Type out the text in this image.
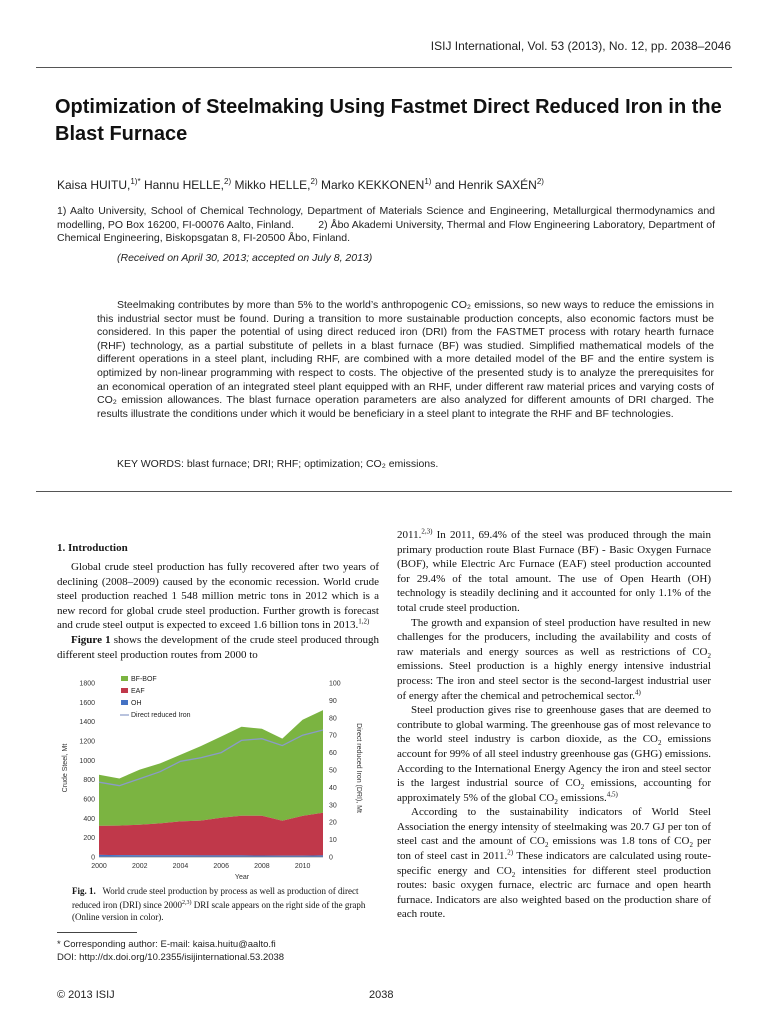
ISIJ International, Vol. 53 (2013), No. 12, pp. 2038–2046
Optimization of Steelmaking Using Fastmet Direct Reduced Iron in the Blast Furnace
Kaisa HUITU,$^{1)*}$ Hannu HELLE,$^{2)}$ Mikko HELLE,$^{2)}$ Marko KEKKONEN$^{1)}$ and Henrik SAXÉN$^{2)}$
1) Aalto University, School of Chemical Technology, Department of Materials Science and Engineering, Metallurgical thermodynamics and modelling, PO Box 16200, FI-00076 Aalto, Finland.        2) Åbo Akademi University, Thermal and Flow Engineering Laboratory, Department of Chemical Engineering, Biskopsgatan 8, FI-20500 Åbo, Finland.
(Received on April 30, 2013; accepted on July 8, 2013)
Steelmaking contributes by more than 5% to the world’s anthropogenic CO₂ emissions, so new ways to reduce the emissions in this industrial sector must be found. During a transition to more sustainable production concepts, also economic factors must be considered. In this paper the potential of using direct reduced iron (DRI) from the FASTMET process with rotary hearth furnace (RHF) technology, as a partial substitute of pellets in a blast furnace (BF) was studied. Simplified mathematical models of the different operations in a steel plant, including RHF, are combined with a more detailed model of the BF and the entire system is optimized by non-linear programming with respect to costs. The objective of the presented study is to analyze the prerequisites for an economical operation of an integrated steel plant equipped with an RHF, under different raw material prices and varying costs of CO₂ emission allowances. The blast furnace operation parameters are also analyzed for different amounts of DRI charged. The results illustrate the conditions under which it would be beneficiary in a steel plant to integrate the RHF and BF technologies.
KEY WORDS: blast furnace; DRI; RHF; optimization; CO₂ emissions.
1. Introduction

Global crude steel production has fully recovered after two years of declining (2008–2009) caused by the economic recession. World crude steel production reached 1 548 million metric tons in 2012 which is a new record for global crude steel production. Further growth is forecast and crude steel output is expected to exceed 1.6 billion tons in 2013.$^{1,2)}$

Figure 1 shows the development of the crude steel produced through different steel production routes from 2000 to

0
200
400
600
800
1000
1200
1400
1600
1800
0
10
20
30
40
50
60
70
80
90
100
2000	2002	2004	2006	2008	2010
Crude Steel, Mt	Direct reduced Iron (DRI), Mt
Year
BF-BOF
EAF
OH
Direct reduced Iron
Fig. 1. World crude steel production by process as well as production of direct reduced iron (DRI) since 2000$^{2,3)}$ DRI scale appears on the right side of the graph (Online version in color).

2011.$^{2,3)}$ In 2011, 69.4% of the steel was produced through the main primary production route Blast Furnace (BF) - Basic Oxygen Furnace (BOF), while Electric Arc Furnace (EAF) steel production accounted for 29.4% of the total amount. The use of Open Hearth (OH) technology is steadily declining and it accounted for only 1.1% of the total crude steel production.

The growth and expansion of steel production have resulted in new challenges for the producers, including the availability and costs of raw materials and energy sources as well as restrictions of $CO_2$ emissions. Steel production is a highly energy intensive industrial process: The iron and steel sector is the second-largest industrial user of energy after the chemical and petrochemical sector.$^{4)}$

Steel production gives rise to greenhouse gases that are deemed to contribute to global warming. The greenhouse gas of most relevance to the world steel industry is carbon dioxide, as the $CO_2$ emissions account for 99% of all steel industry greenhouse gas (GHG) emissions. According to the International Energy Agency the iron and steel sector is the largest industrial source of $CO_2$ emissions, accounting for approximately 5% of the global $CO_2$ emissions.$^{4,5)}$

According to the sustainability indicators of World Steel Association the energy intensity of steelmaking was 20.7 GJ per ton of steel cast and the amount of $CO_2$ emissions was 1.8 tons of $CO_2$ per ton of steel cast in 2011.$^{2)}$ These indicators are calculated using route-specific energy and $CO_2$ intensities for different steel production routes: basic oxygen furnace, electric arc furnace and open hearth furnace. Indicators are also weighted based on the production share of each route.

* Corresponding author: E-mail: kaisa.huitu@aalto.fi
DOI: http://dx.doi.org/10.2355/isijinternational.53.2038
© 2013 ISIJ	2038
